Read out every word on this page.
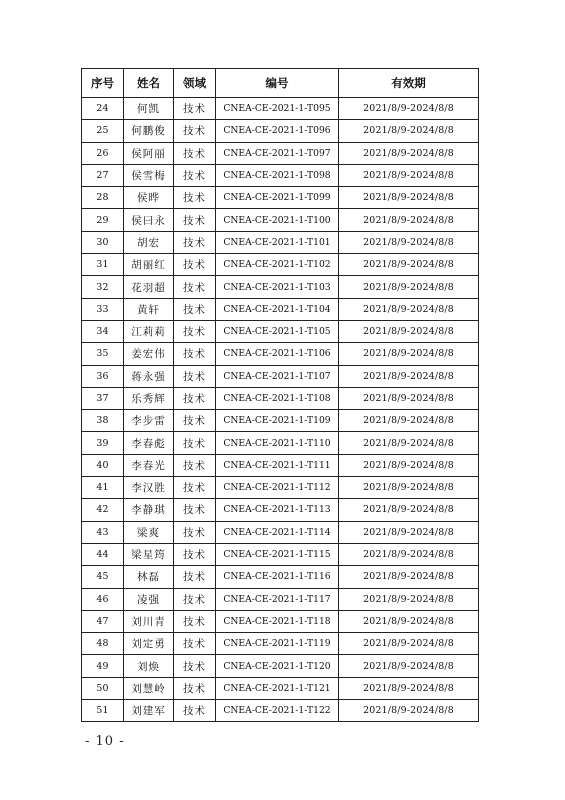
序号	姓名	领域	编号	有效期
24	何凯	技术	CNEA-CE-2021-1-T095	2021/8/9-2024/8/8
25	何鹏俊	技术	CNEA-CE-2021-1-T096	2021/8/9-2024/8/8
26	侯阿丽	技术	CNEA-CE-2021-1-T097	2021/8/9-2024/8/8
27	侯雪梅	技术	CNEA-CE-2021-1-T098	2021/8/9-2024/8/8
28	侯晔	技术	CNEA-CE-2021-1-T099	2021/8/9-2024/8/8
29	侯曰永	技术	CNEA-CE-2021-1-T100	2021/8/9-2024/8/8
30	胡宏	技术	CNEA-CE-2021-1-T101	2021/8/9-2024/8/8
31	胡丽红	技术	CNEA-CE-2021-1-T102	2021/8/9-2024/8/8
32	花羽超	技术	CNEA-CE-2021-1-T103	2021/8/9-2024/8/8
33	黄轩	技术	CNEA-CE-2021-1-T104	2021/8/9-2024/8/8
34	江莉莉	技术	CNEA-CE-2021-1-T105	2021/8/9-2024/8/8
35	姜宏伟	技术	CNEA-CE-2021-1-T106	2021/8/9-2024/8/8
36	蒋永强	技术	CNEA-CE-2021-1-T107	2021/8/9-2024/8/8
37	乐秀辉	技术	CNEA-CE-2021-1-T108	2021/8/9-2024/8/8
38	李步雷	技术	CNEA-CE-2021-1-T109	2021/8/9-2024/8/8
39	李春彪	技术	CNEA-CE-2021-1-T110	2021/8/9-2024/8/8
40	李春光	技术	CNEA-CE-2021-1-T111	2021/8/9-2024/8/8
41	李汉胜	技术	CNEA-CE-2021-1-T112	2021/8/9-2024/8/8
42	李静琪	技术	CNEA-CE-2021-1-T113	2021/8/9-2024/8/8
43	梁爽	技术	CNEA-CE-2021-1-T114	2021/8/9-2024/8/8
44	梁星筠	技术	CNEA-CE-2021-1-T115	2021/8/9-2024/8/8
45	林磊	技术	CNEA-CE-2021-1-T116	2021/8/9-2024/8/8
46	凌强	技术	CNEA-CE-2021-1-T117	2021/8/9-2024/8/8
47	刘川青	技术	CNEA-CE-2021-1-T118	2021/8/9-2024/8/8
48	刘定勇	技术	CNEA-CE-2021-1-T119	2021/8/9-2024/8/8
49	刘焕	技术	CNEA-CE-2021-1-T120	2021/8/9-2024/8/8
50	刘慧岭	技术	CNEA-CE-2021-1-T121	2021/8/9-2024/8/8
51	刘建军	技术	CNEA-CE-2021-1-T122	2021/8/9-2024/8/8
- 10 -
